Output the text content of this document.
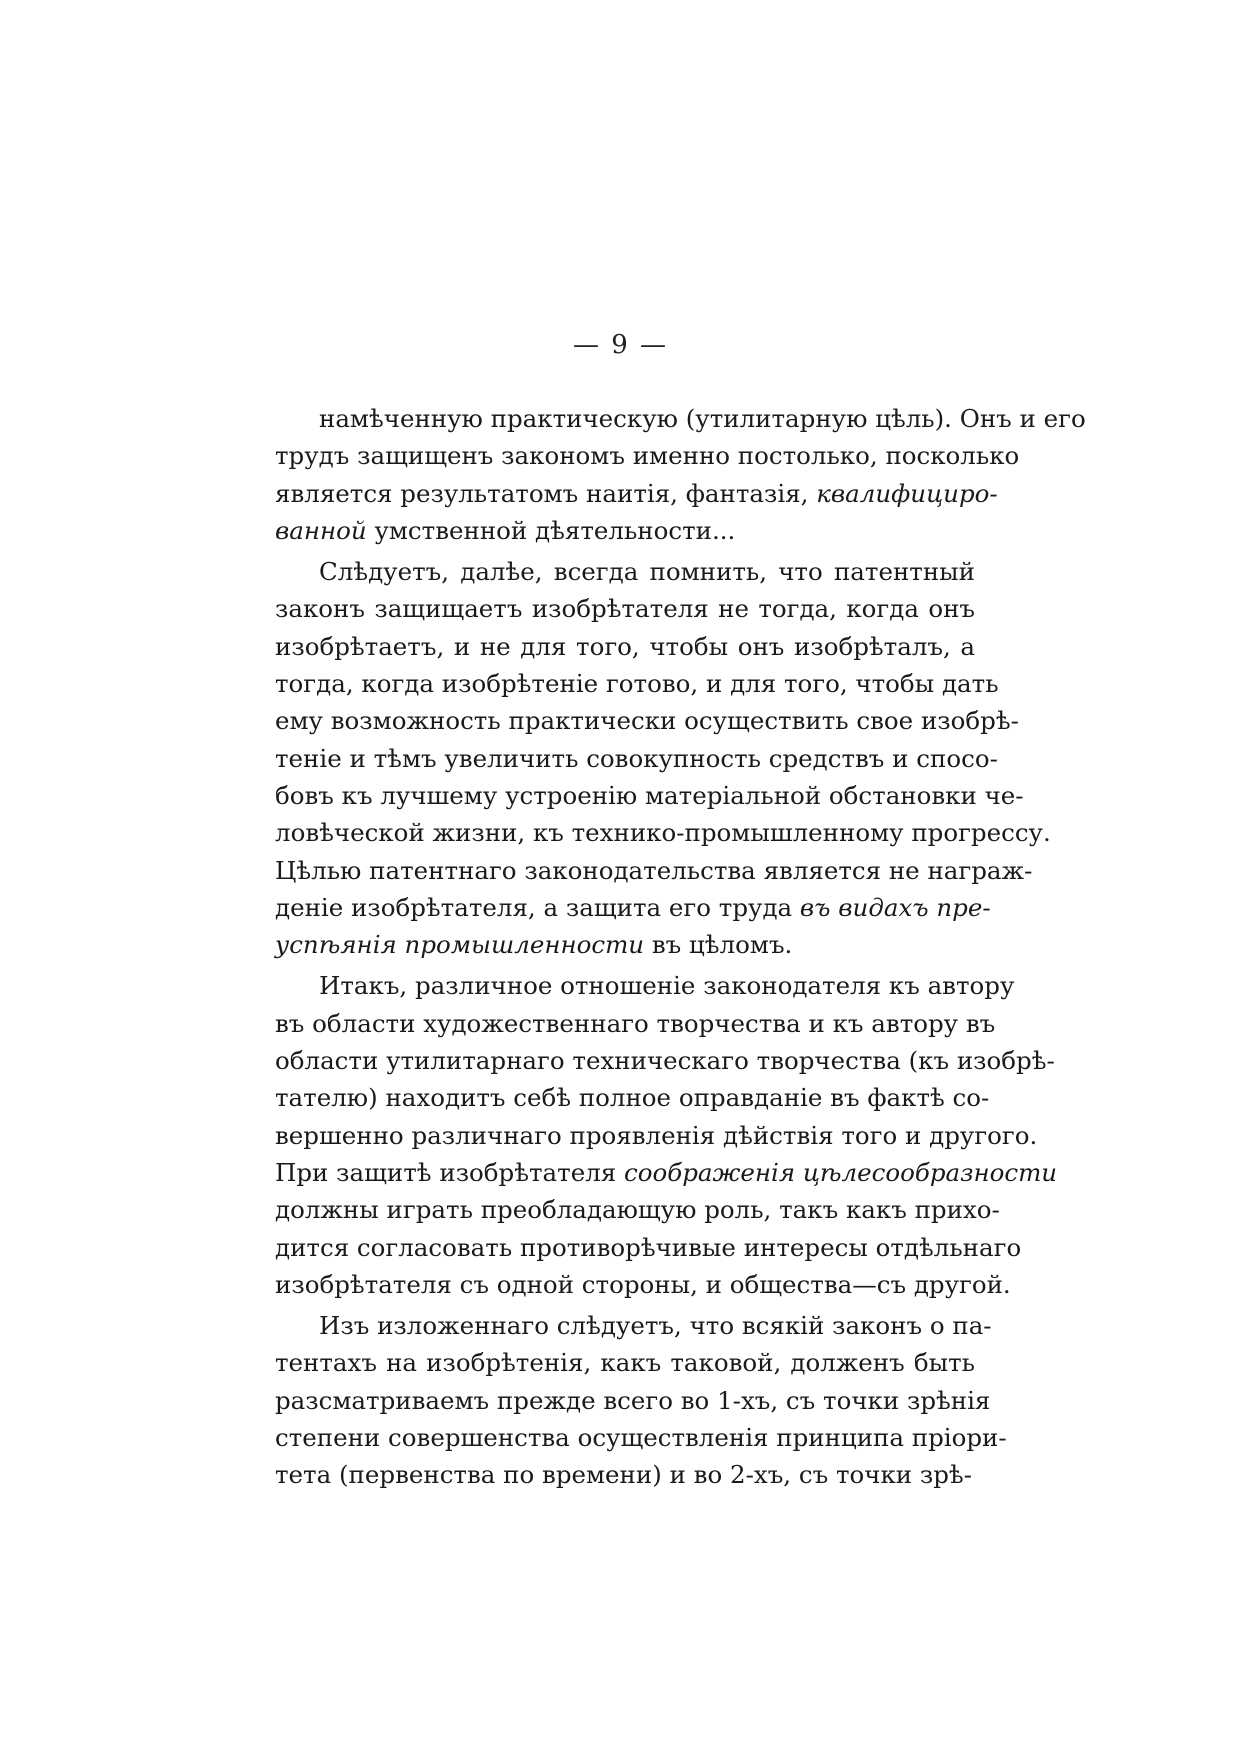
— 9 —
намѣченную практическую (утилитарную цѣль). Онъ и его
трудъ защищенъ закономъ именно постолько, посколько
является результатомъ наитія, фантазія, квалифициро-
ванной умственной дѣятельности...
Слѣдуетъ, далѣе, всегда помнить, что патентный
законъ защищаетъ изобрѣтателя не тогда, когда онъ
изобрѣтаетъ, и не для того, чтобы онъ изобрѣталъ, а
тогда, когда изобрѣтеніе готово, и для того, чтобы дать
ему возможность практически осуществить свое изобрѣ-
теніе и тѣмъ увеличить совокупность средствъ и спосо-
бовъ къ лучшему устроенію матеріальной обстановки че-
ловѣческой жизни, къ технико-промышленному прогрессу.
Цѣлью патентнаго законодательства является не награж-
деніе изобрѣтателя, а защита его труда въ видахъ пре-
успѣянія промышленности въ цѣломъ.
Итакъ, различное отношеніе законодателя къ автору
въ области художественнаго творчества и къ автору въ
области утилитарнаго техническаго творчества (къ изобрѣ-
тателю) находитъ себѣ полное оправданіе въ фактѣ со-
вершенно различнаго проявленія дѣйствія того и другого.
При защитѣ изобрѣтателя соображенія цѣлесообразности
должны играть преобладающую роль, такъ какъ прихо-
дится согласовать противорѣчивые интересы отдѣльнаго
изобрѣтателя съ одной стороны, и общества—съ другой.
Изъ изложеннаго слѣдуетъ, что всякій законъ о па-
тентахъ на изобрѣтенія, какъ таковой, долженъ быть
разсматриваемъ прежде всего во 1-хъ, съ точки зрѣнія
степени совершенства осуществленія принципа пріори-
тета (первенства по времени) и во 2-хъ, съ точки зрѣ-
